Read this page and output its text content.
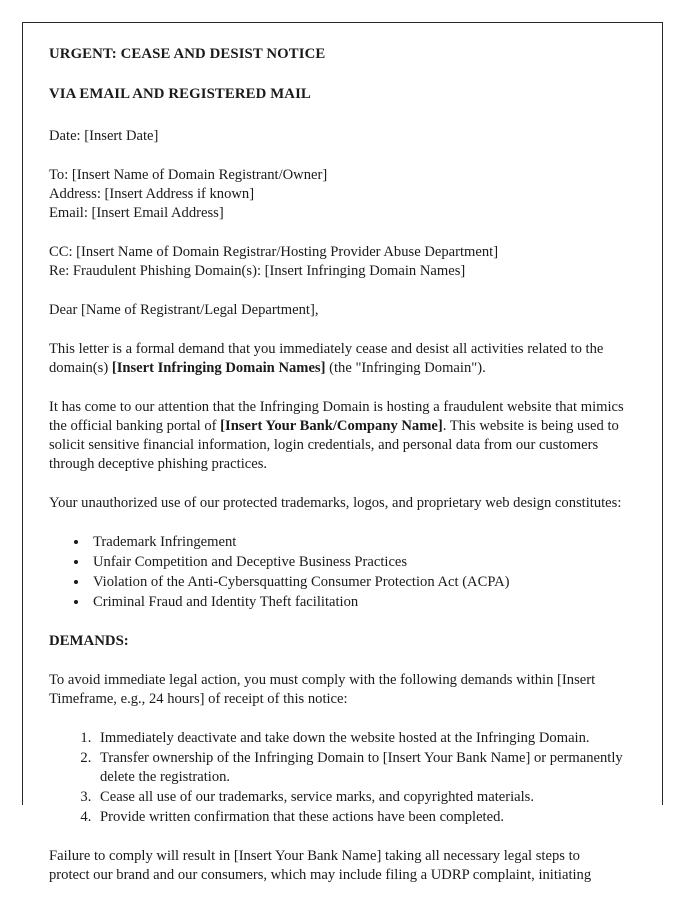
URGENT: CEASE AND DESIST NOTICE
VIA EMAIL AND REGISTERED MAIL
Date: [Insert Date]
To: [Insert Name of Domain Registrant/Owner]
Address: [Insert Address if known]
Email: [Insert Email Address]
CC: [Insert Name of Domain Registrar/Hosting Provider Abuse Department]
Re: Fraudulent Phishing Domain(s): [Insert Infringing Domain Names]
Dear [Name of Registrant/Legal Department],

This letter is a formal demand that you immediately cease and desist all activities related to the domain(s) [Insert Infringing Domain Names] (the "Infringing Domain").

It has come to our attention that the Infringing Domain is hosting a fraudulent website that mimics the official banking portal of [Insert Your Bank/Company Name]. This website is being used to solicit sensitive financial information, login credentials, and personal data from our customers through deceptive phishing practices.

Your unauthorized use of our protected trademarks, logos, and proprietary web design constitutes:

• Trademark Infringement
• Unfair Competition and Deceptive Business Practices
• Violation of the Anti-Cybersquatting Consumer Protection Act (ACPA)
• Criminal Fraud and Identity Theft facilitation
DEMANDS:

To avoid immediate legal action, you must comply with the following demands within [Insert Timeframe, e.g., 24 hours] of receipt of this notice:

1. Immediately deactivate and take down the website hosted at the Infringing Domain.
2. Transfer ownership of the Infringing Domain to [Insert Your Bank Name] or permanently delete the registration.
3. Cease all use of our trademarks, service marks, and copyrighted materials.
4. Provide written confirmation that these actions have been completed.

Failure to comply will result in [Insert Your Bank Name] taking all necessary legal steps to

protect our brand and our consumers, which may include filing a UDRP complaint, initiating
